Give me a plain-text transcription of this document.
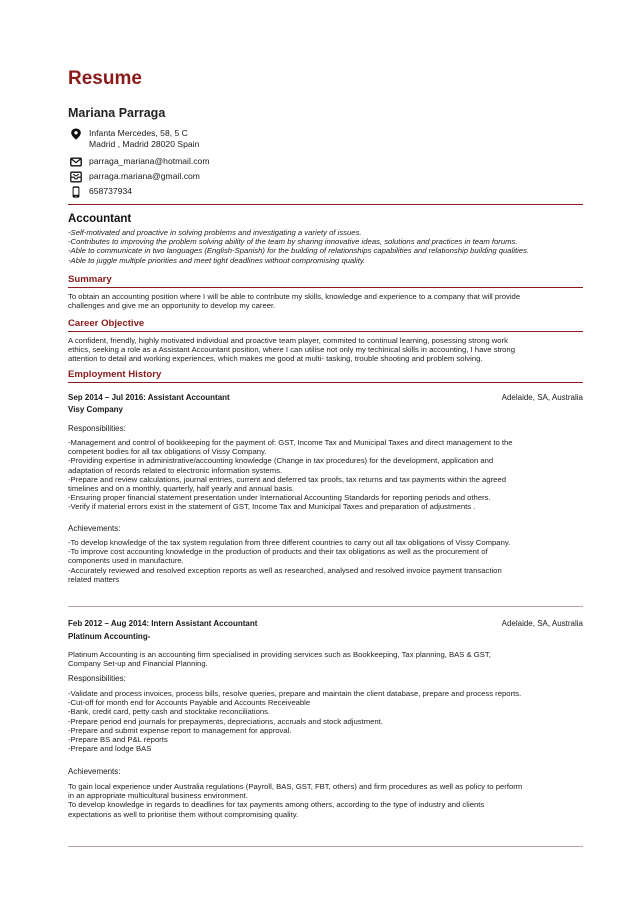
Resume
Mariana Parraga
Infanta Mercedes, 58, 5 C
Madrid , Madrid 28020 Spain
parraga_mariana@hotmail.com
parraga.mariana@gmail.com
658737934
Accountant
-Self-motivated and proactive in solving problems and investigating a variety of issues.
-Contributes to improving the problem solving ability of the team by sharing innovative ideas, solutions and practices in team forums.
-Able to communicate in two languages (English-Spanish) for the building of relationships capabilities and relationship building qualities.
-Able to juggle multiple priorities and meet tight deadlines without compromising quality.
Summary
To obtain an accounting position where I will be able to contribute my skills, knowledge and experience to a company that will provide
challenges and give me an opportunity to develop my career.
Career Objective
A confident, friendly, highly motivated individual and proactive team player, commited to continual learning, posessing strong work
ethics, seeking a role as a Assistant Accountant position, where I can utilise not only my techinical skills in accounting, I have strong
attention to detail and working experiences, which makes me good at multi- tasking, trouble shooting and problem solving.
Employment History
Sep 2014 – Jul 2016: Assistant Accountant	Adelaide, SA, Australia
Visy Company
Responsibilities:
-Management and control of bookkeeping for the payment of: GST, Income Tax and Municipal Taxes and direct management to the
competent bodies for all tax obligations of Vissy Company.
-Providing expertise in administrative/accounting knowledge (Change in tax procedures) for the development, application and
adaptation of records related to electronic information systems.
-Prepare and review calculations, journal entries, current and deferred tax proofs, tax returns and tax payments within the agreed
timelines and on a monthly, quarterly, half yearly and annual basis.
-Ensuring proper financial statement presentation under International Accounting Standards for reporting periods and others.
-Verify if material errors exist in the statement of GST, Income Tax and Municipal Taxes and preparation of adjustments .
Achievements:
-To develop knowledge of the tax system regulation from three different countries to carry out all tax obligations of Vissy Company.
-To improve cost accounting knowledge in the production of products and their tax obligations as well as the procurement of
components used in manufacture.
-Accurately reviewed and resolved exception reports as well as researched, analysed and resolved invoice payment transaction
related matters
Feb 2012 – Aug 2014: Intern Assistant Accountant	Adelaide, SA, Australia
Platinum Accounting-
Platinum Accounting is an accounting firm specialised in providing services such as Bookkeeping, Tax planning, BAS & GST,
Company Set-up and Financial Planning.
Responsibilities:
-Validate and process invoices, process bills, resolve queries, prepare and maintain the client database, prepare and process reports.
-Cut-off for month end for Accounts Payable and Accounts Receiveable
-Bank, credit card, petty cash and stocktake reconciliations.
-Prepare period end journals for prepayments, depreciations, accruals and stock adjustment.
-Prepare and submit expense report to management for approval.
-Prepare BS and P&L reports
-Prepare and lodge BAS
Achievements:
To gain local experience under Australia regulations (Payroll, BAS, GST, FBT, others) and firm procedures as well as policy to perform
in an appropriate multicultural business environment.
To develop knowledge in regards to deadlines for tax payments among others, according to the type of industry and clients
expectations as well to prioritise them without compromising quality.
